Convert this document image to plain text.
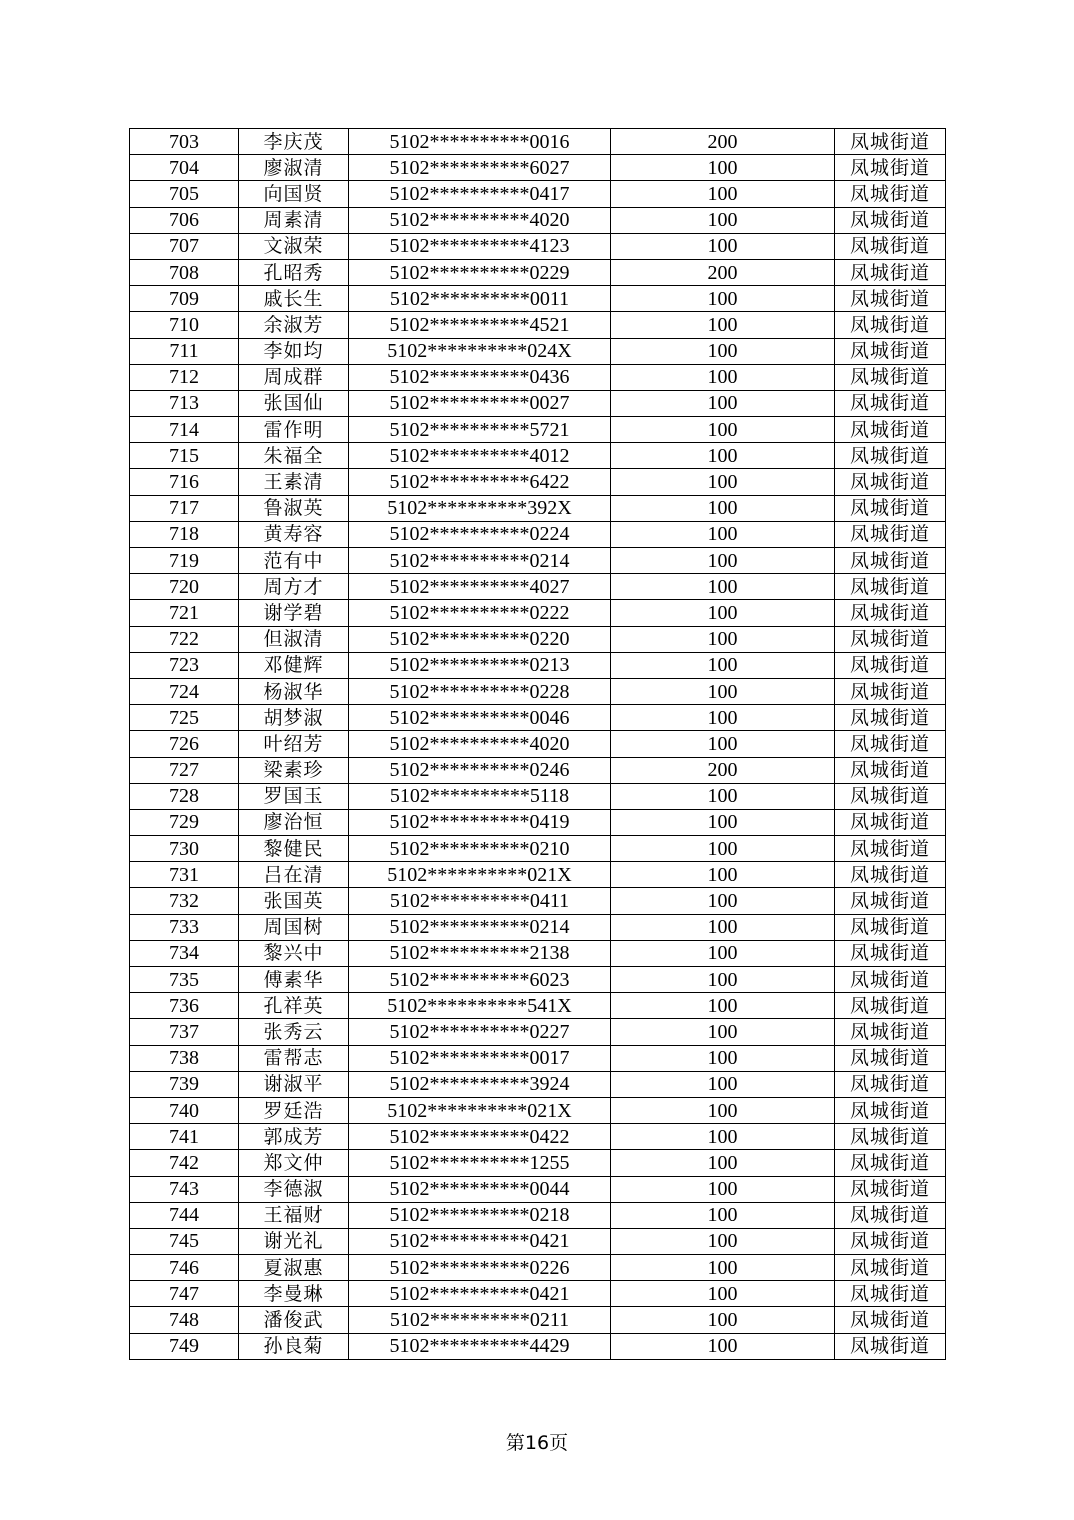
703	李庆茂	5102**********0016	200	凤城街道
704	廖淑清	5102**********6027	100	凤城街道
705	向国贤	5102**********0417	100	凤城街道
706	周素清	5102**********4020	100	凤城街道
707	文淑荣	5102**********4123	100	凤城街道
708	孔昭秀	5102**********0229	200	凤城街道
709	戚长生	5102**********0011	100	凤城街道
710	余淑芳	5102**********4521	100	凤城街道
711	李如均	5102**********024X	100	凤城街道
712	周成群	5102**********0436	100	凤城街道
713	张国仙	5102**********0027	100	凤城街道
714	雷作明	5102**********5721	100	凤城街道
715	朱福全	5102**********4012	100	凤城街道
716	王素清	5102**********6422	100	凤城街道
717	鲁淑英	5102**********392X	100	凤城街道
718	黄寿容	5102**********0224	100	凤城街道
719	范有中	5102**********0214	100	凤城街道
720	周方才	5102**********4027	100	凤城街道
721	谢学碧	5102**********0222	100	凤城街道
722	但淑清	5102**********0220	100	凤城街道
723	邓健辉	5102**********0213	100	凤城街道
724	杨淑华	5102**********0228	100	凤城街道
725	胡梦淑	5102**********0046	100	凤城街道
726	叶绍芳	5102**********4020	100	凤城街道
727	梁素珍	5102**********0246	200	凤城街道
728	罗国玉	5102**********5118	100	凤城街道
729	廖治恒	5102**********0419	100	凤城街道
730	黎健民	5102**********0210	100	凤城街道
731	吕在清	5102**********021X	100	凤城街道
732	张国英	5102**********0411	100	凤城街道
733	周国树	5102**********0214	100	凤城街道
734	黎兴中	5102**********2138	100	凤城街道
735	傅素华	5102**********6023	100	凤城街道
736	孔祥英	5102**********541X	100	凤城街道
737	张秀云	5102**********0227	100	凤城街道
738	雷帮志	5102**********0017	100	凤城街道
739	谢淑平	5102**********3924	100	凤城街道
740	罗廷浩	5102**********021X	100	凤城街道
741	郭成芳	5102**********0422	100	凤城街道
742	郑文仲	5102**********1255	100	凤城街道
743	李德淑	5102**********0044	100	凤城街道
744	王福财	5102**********0218	100	凤城街道
745	谢光礼	5102**********0421	100	凤城街道
746	夏淑惠	5102**********0226	100	凤城街道
747	李曼琳	5102**********0421	100	凤城街道
748	潘俊武	5102**********0211	100	凤城街道
749	孙良菊	5102**********4429	100	凤城街道
第16页
